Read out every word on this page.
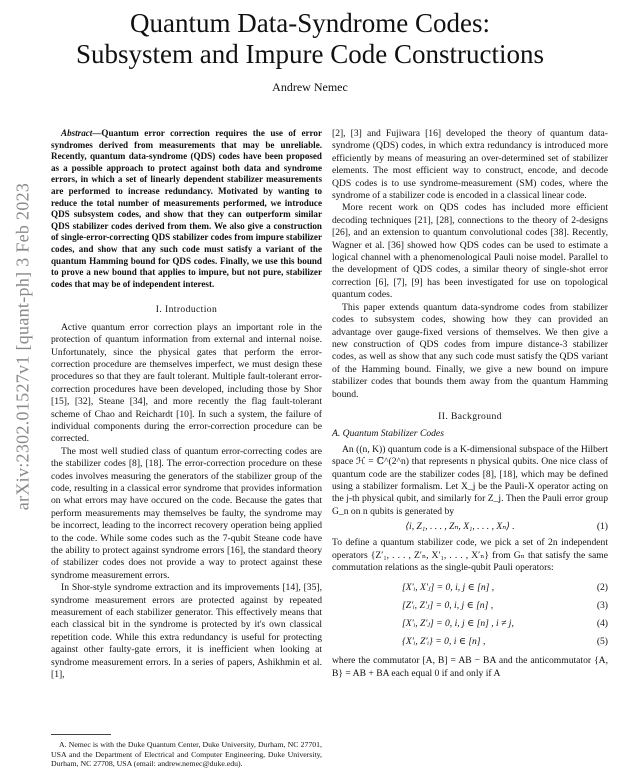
Quantum Data-Syndrome Codes:
Subsystem and Impure Code Constructions
Andrew Nemec
arXiv:2302.01527v1 [quant-ph] 3 Feb 2023

Abstract—Quantum error correction requires the use of error syndromes derived from measurements that may be unreliable. Recently, quantum data-syndrome (QDS) codes have been proposed as a possible approach to protect against both data and syndrome errors, in which a set of linearly dependent stabilizer measurements are performed to increase redundancy. Motivated by wanting to reduce the total number of measurements performed, we introduce QDS subsystem codes, and show that they can outperform similar QDS stabilizer codes derived from them. We also give a construction of single-error-correcting QDS stabilizer codes from impure stabilizer codes, and show that any such code must satisfy a variant of the quantum Hamming bound for QDS codes. Finally, we use this bound to prove a new bound that applies to impure, but not pure, stabilizer codes that may be of independent interest.

I. Introduction

Active quantum error correction plays an important role in the protection of quantum information from external and internal noise. Unfortunately, since the physical gates that perform the error-correction procedure are themselves imperfect, we must design these procedures so that they are fault tolerant. Multiple fault-tolerant error-correction procedures have been developed, including those by Shor [15], [32], Steane [34], and more recently the flag fault-tolerant scheme of Chao and Reichardt [10]. In such a system, the failure of individual components during the error-correction procedure can be corrected.

The most well studied class of quantum error-correcting codes are the stabilizer codes [8], [18]. The error-correction procedure on these codes involves measuring the generators of the stabilizer group of the code, resulting in a classical error syndrome that provides information on what errors may have occured on the code. Because the gates that perform measurements may themselves be faulty, the syndrome may be incorrect, leading to the incorrect recovery operation being applied to the code. While some codes such as the 7-qubit Steane code have the ability to protect against syndrome errors [16], the standard theory of stabilizer codes does not provide a way to protect against these syndrome measurement errors.

In Shor-style syndrome extraction and its improvements [14], [35], syndrome measurement errors are protected against by repeated measurement of each stabilizer generator. This effectively means that each classical bit in the syndrome is protected by it's own classical repetition code. While this extra redundancy is useful for protecting against other faulty-gate errors, it is inefficient when looking at syndrome measurement errors. In a series of papers, Ashikhmin et al. [1],

A. Nemec is with the Duke Quantum Center, Duke University, Durham, NC 27701, USA and the Department of Electrical and Computer Engineering, Duke University, Durham, NC 27708, USA (email: andrew.nemec@duke.edu).

[2], [3] and Fujiwara [16] developed the theory of quantum data-syndrome (QDS) codes, in which extra redundancy is introduced more efficiently by means of measuring an over-determined set of stabilizer elements. The most efficient way to construct, encode, and decode QDS codes is to use syndrome-measurement (SM) codes, where the syndrome of a stabilizer code is encoded in a classical linear code.

More recent work on QDS codes has included more efficient decoding techniques [21], [28], connections to the theory of 2-designs [26], and an extension to quantum convolutional codes [38]. Recently, Wagner et al. [36] showed how QDS codes can be used to estimate a logical channel with a phenomenological Pauli noise model. Parallel to the development of QDS codes, a similar theory of single-shot error correction [6], [7], [9] has been investigated for use on topological quantum codes.

This paper extends quantum data-syndrome codes from stabilizer codes to subsystem codes, showing how they can provided an advantage over gauge-fixed versions of themselves. We then give a new construction of QDS codes from impure distance-3 stabilizer codes, as well as show that any such code must satisfy the QDS variant of the Hamming bound. Finally, we give a new bound on impure stabilizer codes that bounds them away from the quantum Hamming bound.

II. Background
A. Quantum Stabilizer Codes

An ((n, K)) quantum code is a K-dimensional subspace of the Hilbert space ℋ = ℂ^(2^n) that represents n physical qubits. One nice class of quantum code are the stabilizer codes [8], [18], which may be defined using a stabilizer formalism. Let X_j be the Pauli-X operator acting on the j-th physical qubit, and similarly for Z_j. Then the Pauli error group G_n on n qubits is generated by

⟨i, Z₁, . . . , Zₙ, X₁, . . . , Xₙ⟩ .	(1)

To define a quantum stabilizer code, we pick a set of 2n independent operators {Z′₁, . . . , Z′ₙ, X′₁, . . . , X′ₙ} from Gₙ that satisfy the same commutation relations as the single-qubit Pauli operators:

[X′ᵢ, X′ⱼ] = 0, i, j ∈ [n] ,	(2)
[Z′ᵢ, Z′ⱼ] = 0, i, j ∈ [n] ,	(3)
[X′ᵢ, Z′ⱼ] = 0, i, j ∈ [n] , i ≠ j,	(4)
{X′ᵢ, Z′ᵢ} = 0, i ∈ [n] ,	(5)

where the commutator [A, B] = AB − BA and the anticommutator {A, B} = AB + BA each equal 0 if and only if A
